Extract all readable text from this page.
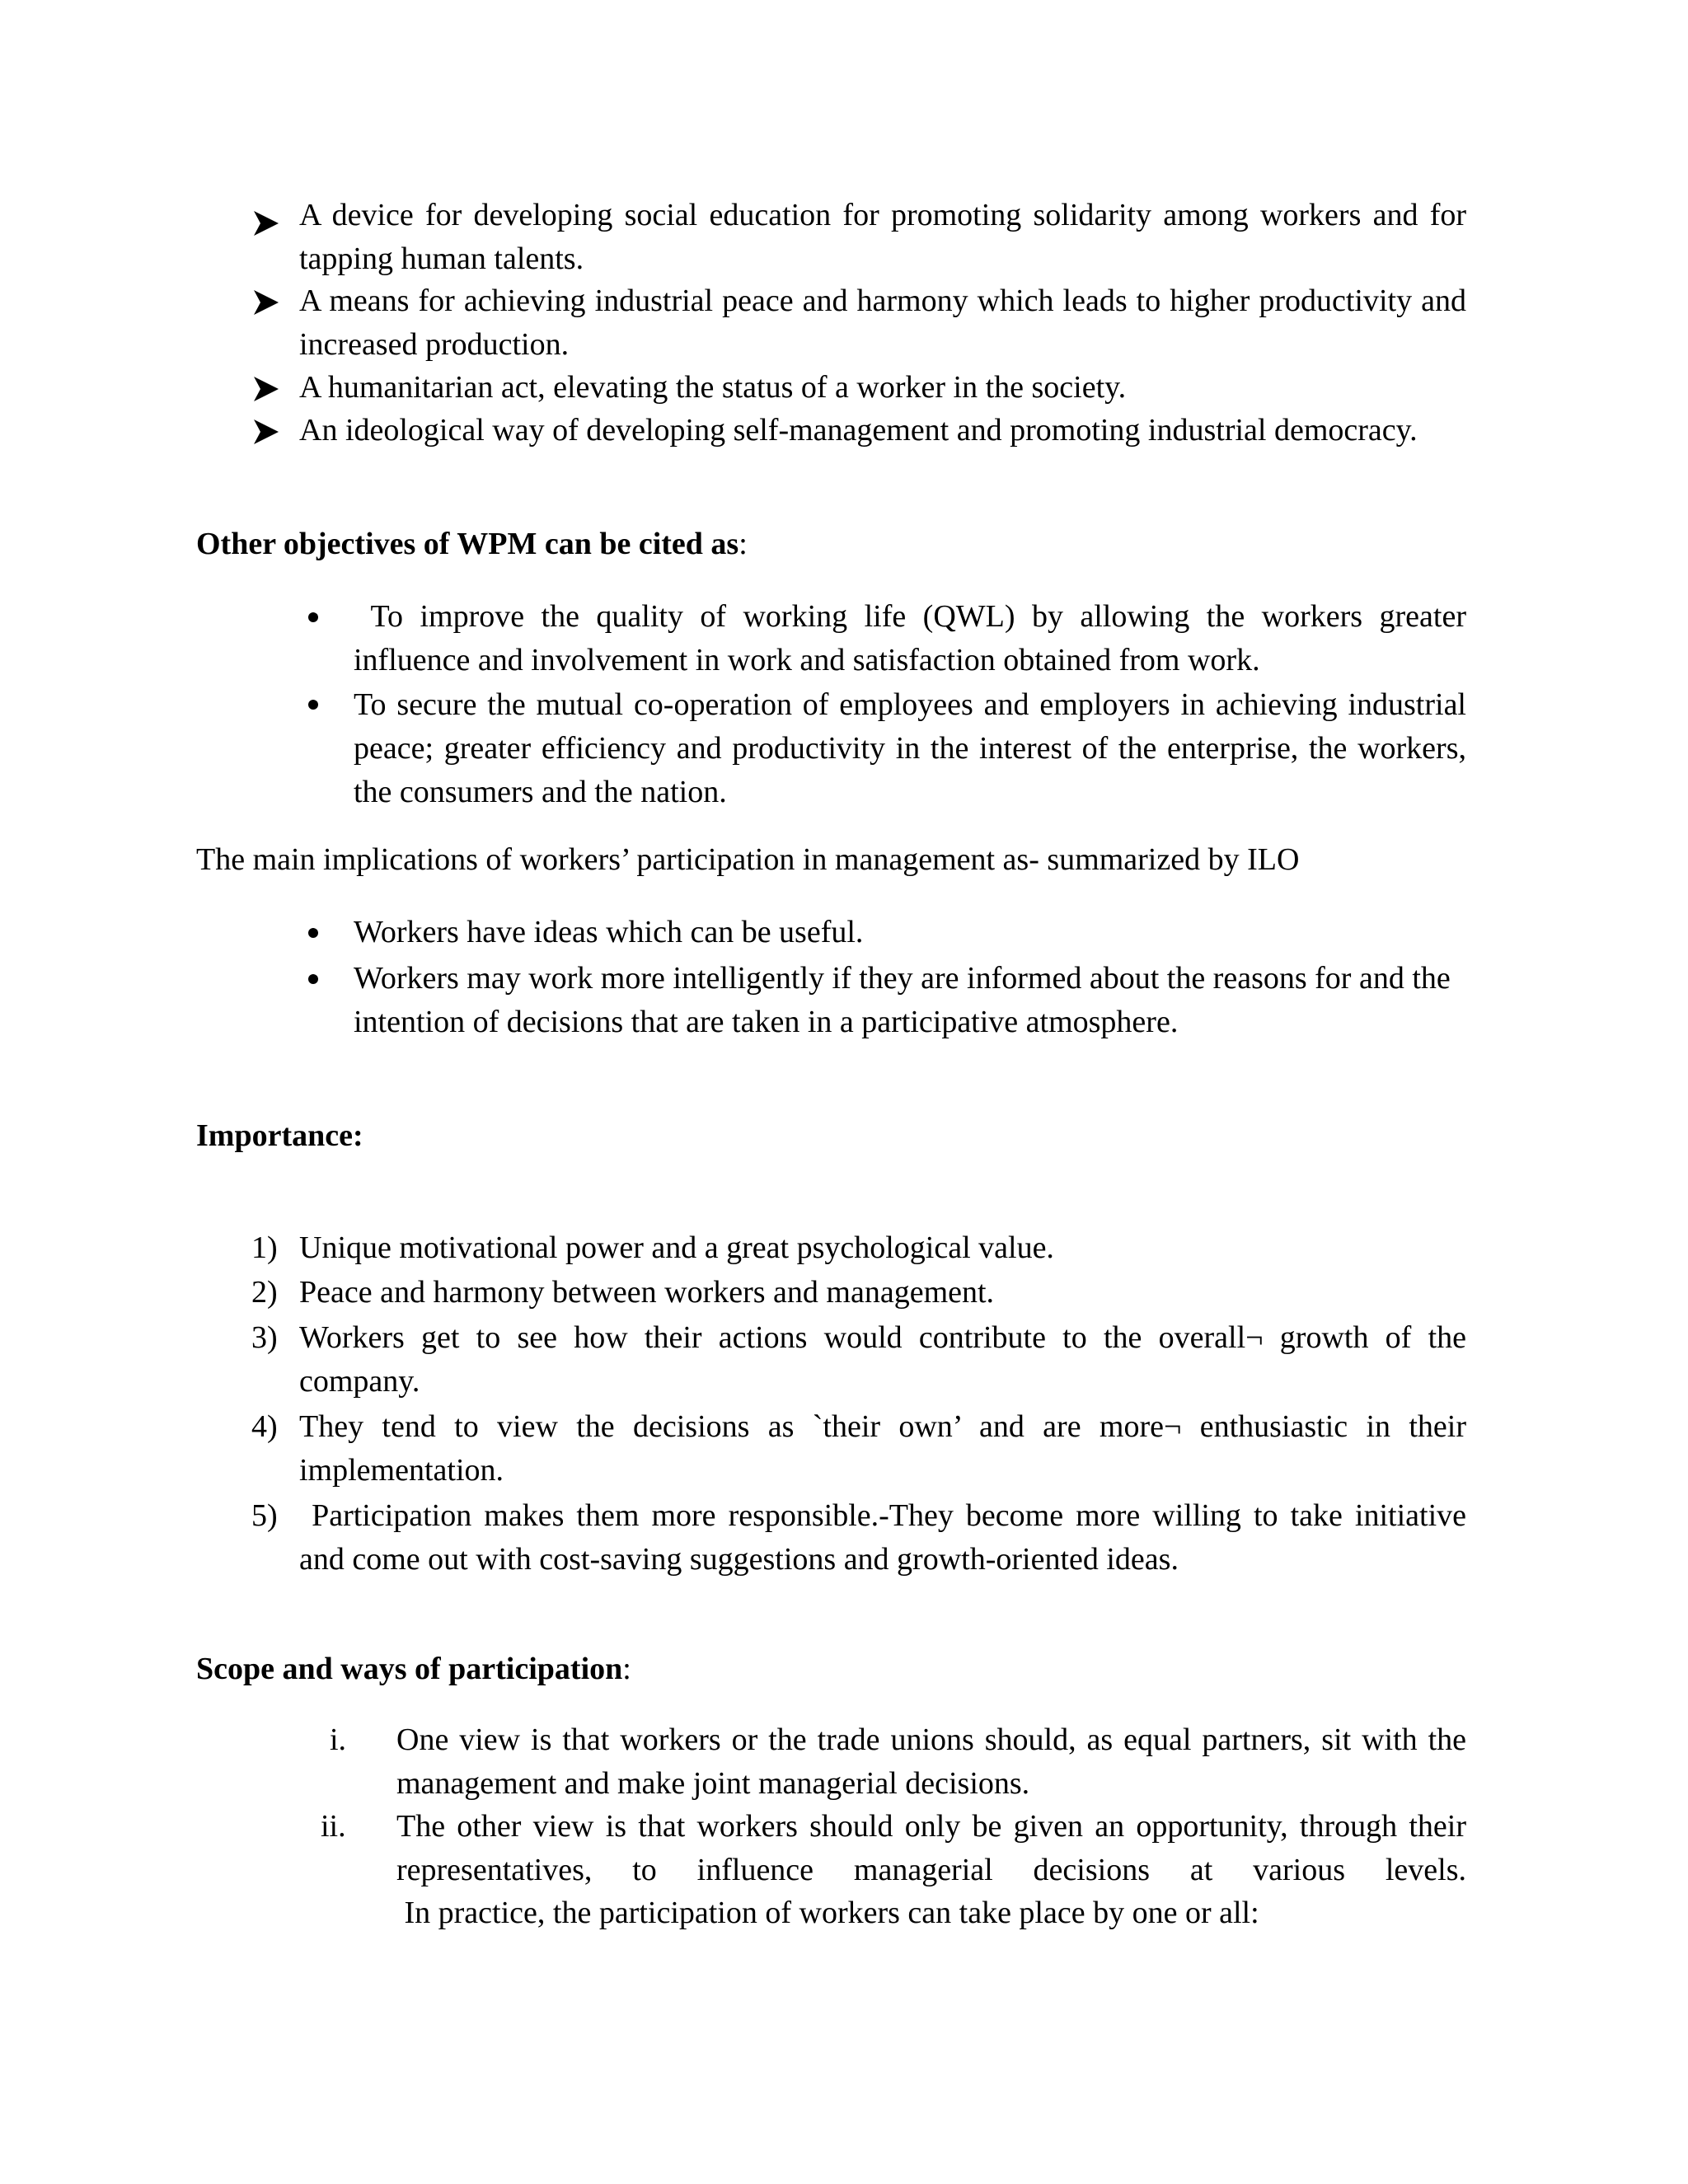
A device for developing social education for promoting solidarity among workers and for tapping human talents.
A means for achieving industrial peace and harmony which leads to higher productivity and increased production.
A humanitarian act, elevating the status of a worker in the society.
An ideological way of developing self-management and promoting industrial democracy.
Other objectives of WPM can be cited as:
To improve the quality of working life (QWL) by allowing the workers greater influence and involvement in work and satisfaction obtained from work.
To secure the mutual co-operation of employees and employers in achieving industrial peace; greater efficiency and productivity in the interest of the enterprise, the workers, the consumers and the nation.
The main implications of workers’ participation in management as- summarized by ILO
Workers have ideas which can be useful.
Workers may work more intelligently if they are informed about the reasons for and the intention of decisions that are taken in a participative atmosphere.
Importance:
1) Unique motivational power and a great psychological value.
2) Peace and harmony between workers and management.
3) Workers get to see how their actions would contribute to the overall¬ growth of the company.
4) They tend to view the decisions as `their own’ and are more¬ enthusiastic in their implementation.
5) Participation makes them more responsible.-They become more willing to take initiative and come out with cost-saving suggestions and growth-oriented ideas.
Scope and ways of participation:
i. One view is that workers or the trade unions should, as equal partners, sit with the management and make joint managerial decisions.
ii. The other view is that workers should only be given an opportunity, through their
representatives, to influence managerial decisions at various levels.
In practice, the participation of workers can take place by one or all:
